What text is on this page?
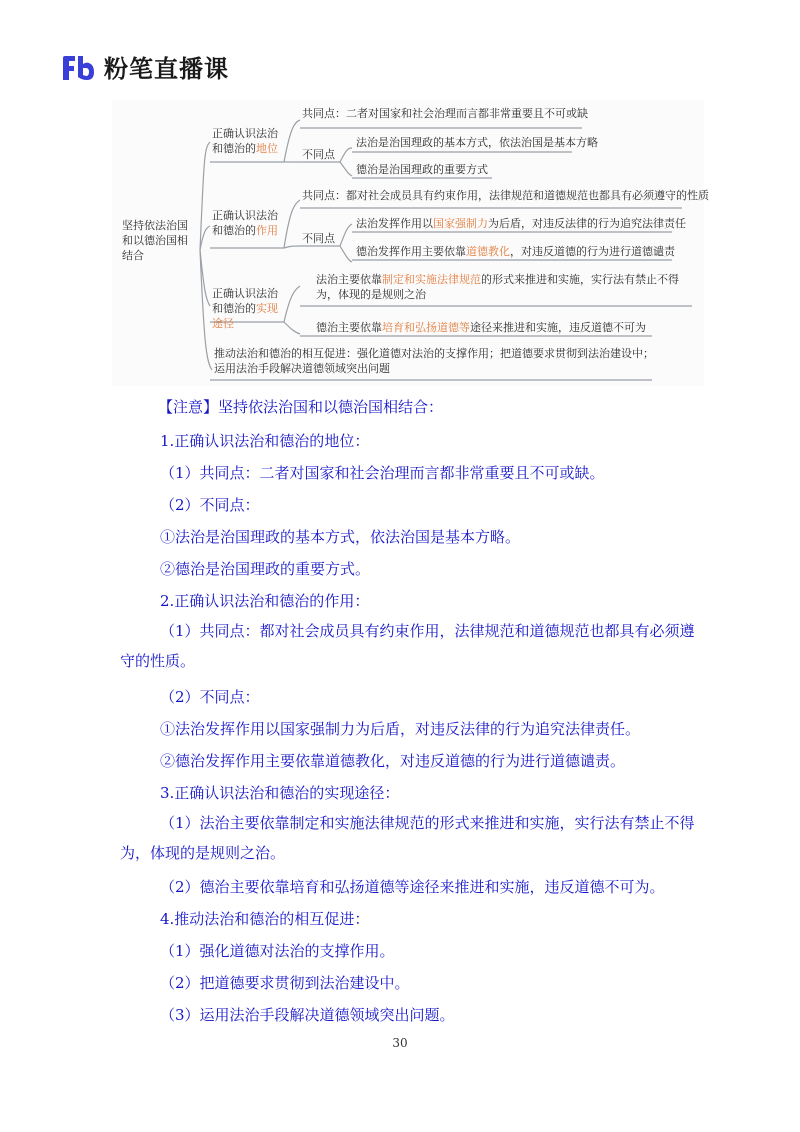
粉笔直播课
坚持依法治国和以德治国相结合
正确认识法治和德治的地位
共同点：二者对国家和社会治理而言都非常重要且不可或缺
不同点
法治是治国理政的基本方式，依法治国是基本方略
德治是治国理政的重要方式
正确认识法治和德治的作用
共同点：都对社会成员具有约束作用，法律规范和道德规范也都具有必须遵守的性质
不同点
法治发挥作用以国家强制力为后盾，对违反法律的行为追究法律责任
德治发挥作用主要依靠道德教化，对违反道德的行为进行道德谴责
正确认识法治和德治的实现途径
法治主要依靠制定和实施法律规范的形式来推进和实施，实行法有禁止不得为，体现的是规则之治
德治主要依靠培育和弘扬道德等途径来推进和实施，违反道德不可为
推动法治和德治的相互促进：强化道德对法治的支撑作用；把道德要求贯彻到法治建设中；运用法治手段解决道德领域突出问题
【注意】坚持依法治国和以德治国相结合：
1.正确认识法治和德治的地位：
（1）共同点：二者对国家和社会治理而言都非常重要且不可或缺。
（2）不同点：
①法治是治国理政的基本方式，依法治国是基本方略。
②德治是治国理政的重要方式。
2.正确认识法治和德治的作用：
（1）共同点：都对社会成员具有约束作用，法律规范和道德规范也都具有必须遵守的性质。
（2）不同点：
①法治发挥作用以国家强制力为后盾，对违反法律的行为追究法律责任。
②德治发挥作用主要依靠道德教化，对违反道德的行为进行道德谴责。
3.正确认识法治和德治的实现途径：
（1）法治主要依靠制定和实施法律规范的形式来推进和实施，实行法有禁止不得为，体现的是规则之治。
（2）德治主要依靠培育和弘扬道德等途径来推进和实施，违反道德不可为。
4.推动法治和德治的相互促进：
（1）强化道德对法治的支撑作用。
（2）把道德要求贯彻到法治建设中。
（3）运用法治手段解决道德领域突出问题。
30
